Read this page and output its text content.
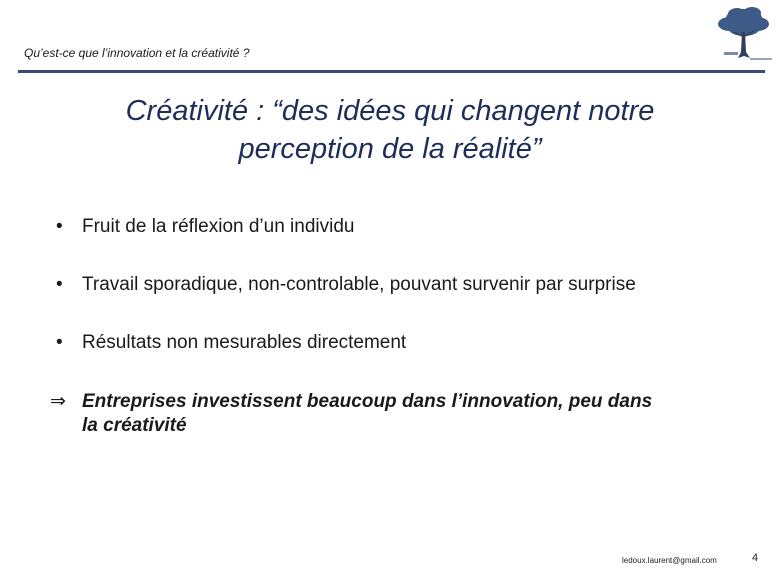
Qu’est-ce que l’innovation et la créativité ?
Créativité : “des idées qui changent notre
perception de la réalité”
• Fruit de la réflexion d’un individu
• Travail sporadique, non-controlable, pouvant survenir par surprise
• Résultats non mesurables directement
⇒ Entreprises investissent beaucoup dans l’innovation, peu dans
la créativité
ledoux.laurent@gmail.com	4
